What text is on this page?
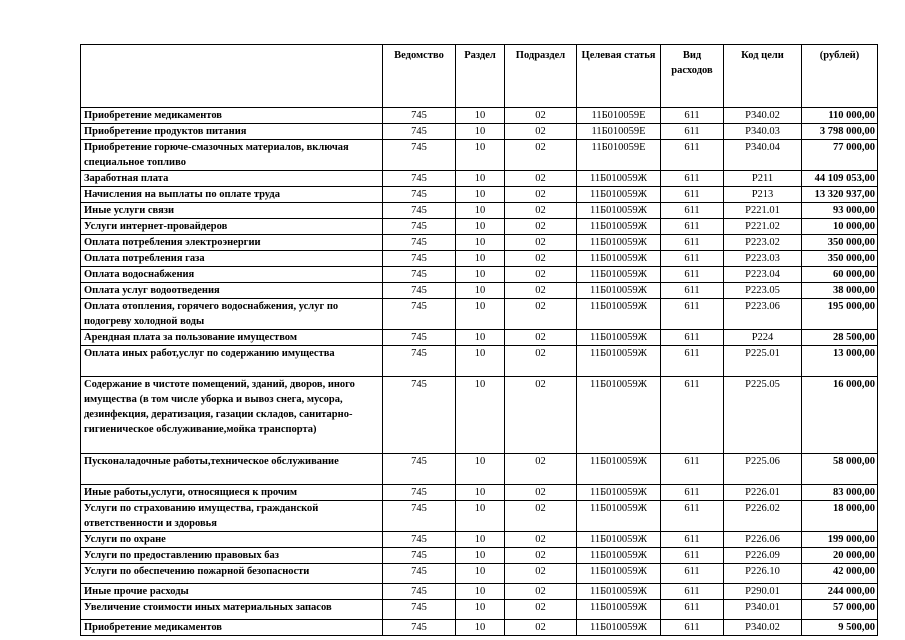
	Ведомство	Раздел	Подраздел	Целевая статья	Вид расходов	Код цели	(рублей)
Приобретение медикаментов	745	10	02	11Б010059Е	611	Р340.02	110 000,00
Приобретение продуктов питания	745	10	02	11Б010059Е	611	Р340.03	3 798 000,00
Приобретение горюче-смазочных материалов, включая специальное топливо	745	10	02	11Б010059Е	611	Р340.04	77 000,00
Заработная плата	745	10	02	11Б010059Ж	611	Р211	44 109 053,00
Начисления на выплаты по оплате труда	745	10	02	11Б010059Ж	611	Р213	13 320 937,00
Иные услуги связи	745	10	02	11Б010059Ж	611	Р221.01	93 000,00
Услуги интернет-провайдеров	745	10	02	11Б010059Ж	611	Р221.02	10 000,00
Оплата потребления электроэнергии	745	10	02	11Б010059Ж	611	Р223.02	350 000,00
Оплата потребления газа	745	10	02	11Б010059Ж	611	Р223.03	350 000,00
Оплата водоснабжения	745	10	02	11Б010059Ж	611	Р223.04	60 000,00
Оплата услуг водоотведения	745	10	02	11Б010059Ж	611	Р223.05	38 000,00
Оплата отопления, горячего водоснабжения, услуг по подогреву холодной воды	745	10	02	11Б010059Ж	611	Р223.06	195 000,00
Арендная плата за пользование имуществом	745	10	02	11Б010059Ж	611	Р224	28 500,00
Оплата иных работ,услуг по содержанию имущества	745	10	02	11Б010059Ж	611	Р225.01	13 000,00
Содержание в чистоте помещений, зданий, дворов, иного имущества (в том числе уборка и вывоз снега, мусора, дезинфекция, дератизация, газации складов, санитарно-гигиеническое обслуживание,мойка транспорта)	745	10	02	11Б010059Ж	611	Р225.05	16 000,00
Пусконаладочные работы,техническое обслуживание	745	10	02	11Б010059Ж	611	Р225.06	58 000,00
Иные работы,услуги, относящиеся к прочим	745	10	02	11Б010059Ж	611	Р226.01	83 000,00
Услуги по страхованию имущества, гражданской ответственности и здоровья	745	10	02	11Б010059Ж	611	Р226.02	18 000,00
Услуги по охране	745	10	02	11Б010059Ж	611	Р226.06	199 000,00
Услуги по предоставлению правовых баз	745	10	02	11Б010059Ж	611	Р226.09	20 000,00
Услуги по обеспечению пожарной безопасности	745	10	02	11Б010059Ж	611	Р226.10	42 000,00
Иные прочие расходы	745	10	02	11Б010059Ж	611	Р290.01	244 000,00
Увеличение стоимости иных материальных запасов	745	10	02	11Б010059Ж	611	Р340.01	57 000,00
Приобретение медикаментов	745	10	02	11Б010059Ж	611	Р340.02	9 500,00
